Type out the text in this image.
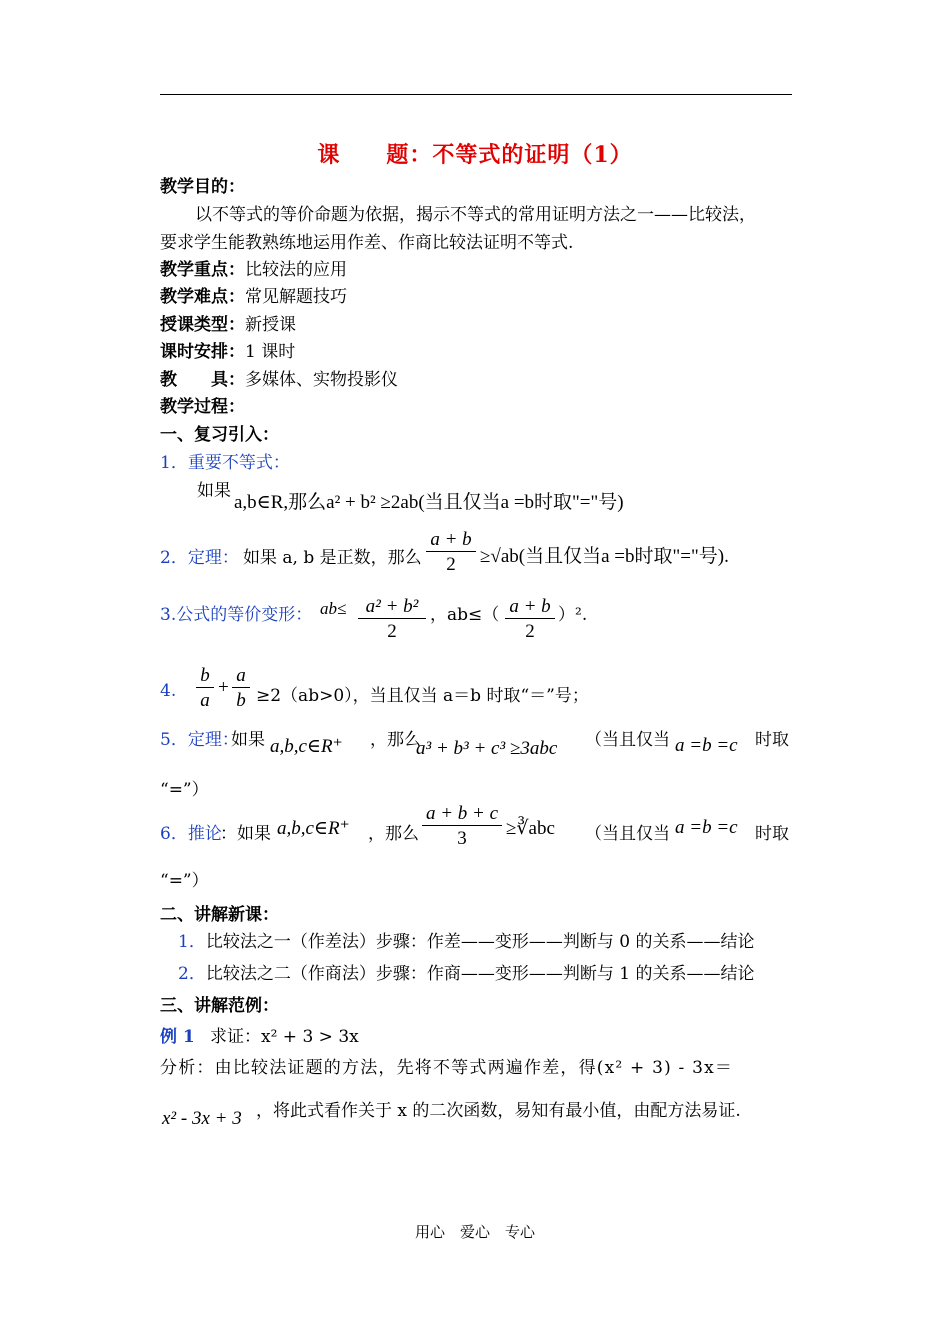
课　　题：不等式的证明（1）
教学目的：
以不等式的等价命题为依据，揭示不等式的常用证明方法之一——比较法，
要求学生能教熟练地运用作差、作商比较法证明不等式.
教学重点：比较法的应用
教学难点：常见解题技巧
授课类型：新授课
课时安排：1 课时
教　　具：多媒体、实物投影仪
教学过程：
一、复习引入：
1．重要不等式：
如果
a,b∈R,那么a² + b² ≥2ab(当且仅当a =b时取"="号)
2．定理： 如果 a, b 是正数，那么
a + b
2	≥√ab(当且仅当a =b时取"="号).
3.公式的等价变形： ab≤	a² + b²
2
，ab≤（ a + b
2
）².
4.
b
a
+
a
b ≥2（ab>0），当且仅当 a＝b 时取“＝”号；
5．定理：
如果 a,b,c∈R⁺ ，那么
a³ + b³ + c³ ≥3abc （当且仅当 a =b =c 时取
“=”）
6．推论
：如果 a,b,c∈R⁺ ，那么
a + b + c
3	≥∛abc （当且仅当 a =b =c 时取
“=”）
二、讲解新课：
1．比较法之一（作差法）步骤：作差——变形——判断与 0 的关系——结论
2．比较法之二（作商法）步骤：作商——变形——判断与 1 的关系——结论
三、讲解范例：
例 1 求证：x² + 3 > 3x
分析：由比较法证题的方法，先将不等式两遍作差，得(x² + 3) - 3x＝
x² - 3x + 3 ，将此式看作关于 x 的二次函数，易知有最小值，由配方法易证.
用心　爱心　专心
